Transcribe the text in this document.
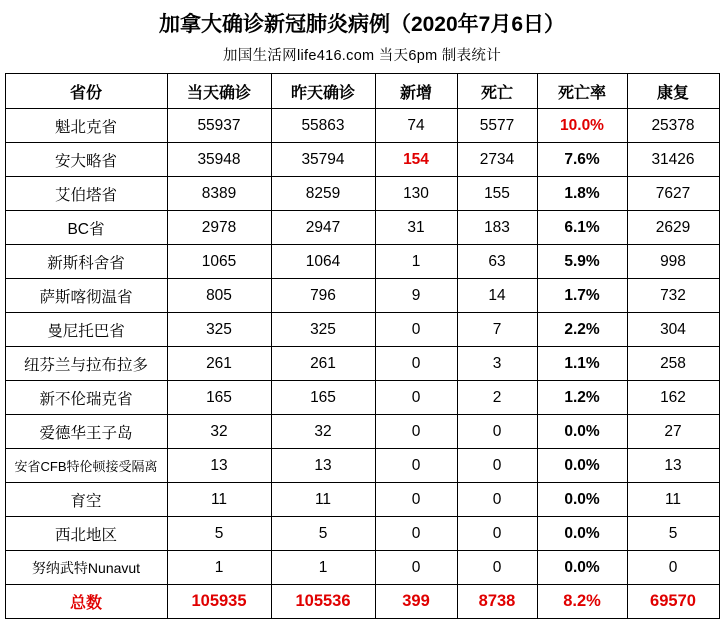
加拿大确诊新冠肺炎病例（2020年7月6日）
加国生活网life416.com 当天6pm 制表统计
省份	当天确诊	昨天确诊	新增	死亡	死亡率	康复
魁北克省	55937	55863	74	5577	10.0%	25378
安大略省	35948	35794	154	2734	7.6%	31426
艾伯塔省	8389	8259	130	155	1.8%	7627
BC省	2978	2947	31	183	6.1%	2629
新斯科舍省	1065	1064	1	63	5.9%	998
萨斯喀彻温省	805	796	9	14	1.7%	732
曼尼托巴省	325	325	0	7	2.2%	304
纽芬兰与拉布拉多	261	261	0	3	1.1%	258
新不伦瑞克省	165	165	0	2	1.2%	162
爱德华王子岛	32	32	0	0	0.0%	27
安省CFB特伦顿接受隔离	13	13	0	0	0.0%	13
育空	11	11	0	0	0.0%	11
西北地区	5	5	0	0	0.0%	5
努纳武特Nunavut	1	1	0	0	0.0%	0
总数	105935	105536	399	8738	8.2%	69570
